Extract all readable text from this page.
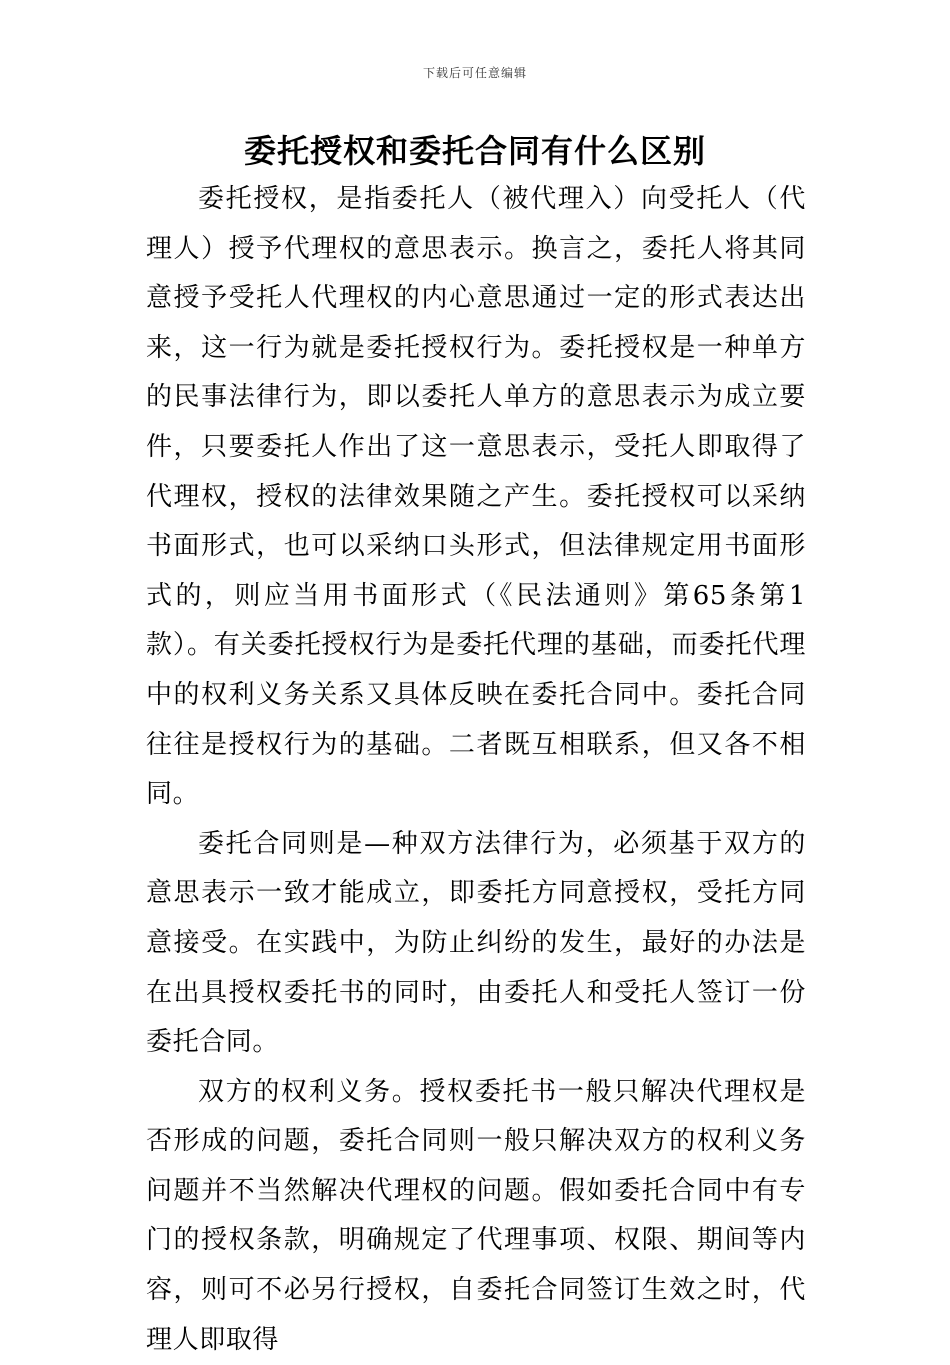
下载后可任意编辑
委托授权和委托合同有什么区别

委托授权，是指委托人（被代理入）向受托人（代理人）授予代理权的意思表示。换言之，委托人将其同意授予受托人代理权的内心意思通过一定的形式表达出来，这一行为就是委托授权行为。委托授权是一种单方的民事法律行为，即以委托人单方的意思表示为成立要件，只要委托人作出了这一意思表示，受托人即取得了代理权，授权的法律效果随之产生。委托授权可以采纳书面形式，也可以采纳口头形式，但法律规定用书面形式的，则应当用书面形式（《民法通则》第65条第1 款）。有关委托授权行为是委托代理的基础，而委托代理中的权利义务关系又具体反映在委托合同中。委托合同往往是授权行为的基础。二者既互相联系，但又各不相同。

委托合同则是—种双方法律行为，必须基于双方的意思表示一致才能成立，即委托方同意授权，受托方同意接受。在实践中，为防止纠纷的发生，最好的办法是在出具授权委托书的同时，由委托人和受托人签订一份委托合同。

双方的权利义务。授权委托书一般只解决代理权是否形成的问题，委托合同则一般只解决双方的权利义务问题并不当然解决代理权的问题。假如委托合同中有专门的授权条款，明确规定了代理事项、权限、期间等内容，则可不必另行授权，自委托合同签订生效之时，代理人即取得
